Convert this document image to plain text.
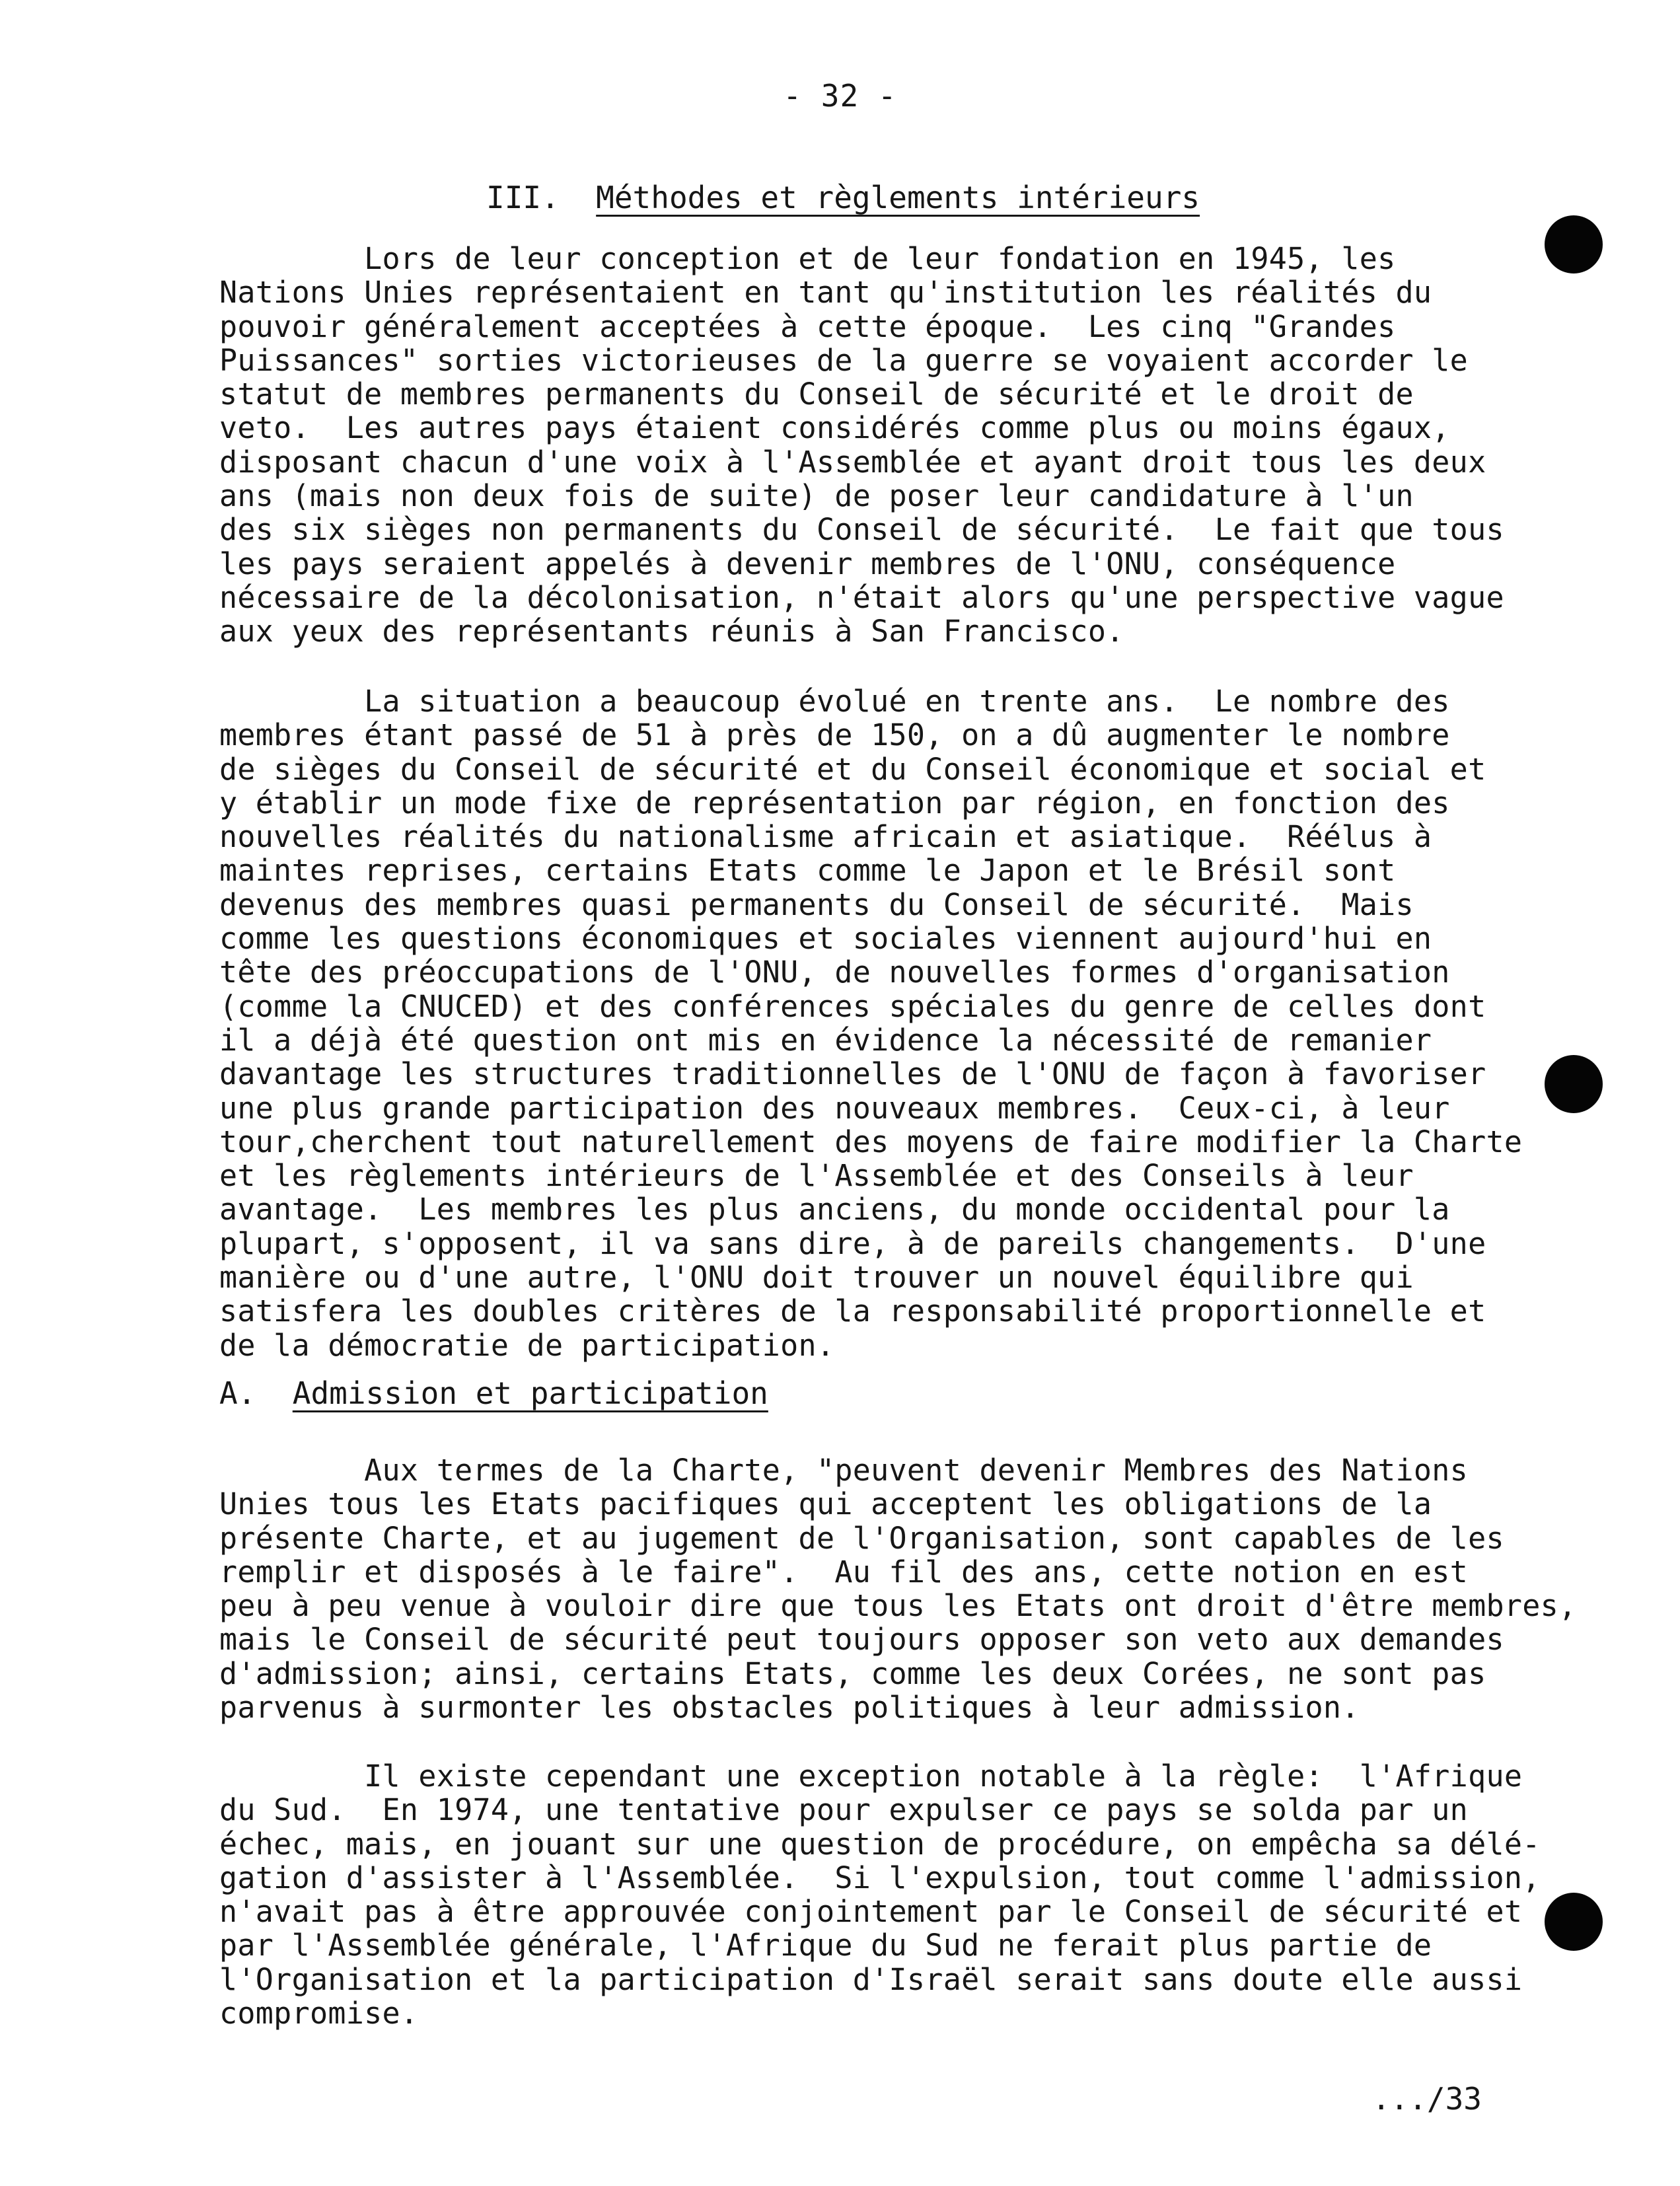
- 32 -
III. Méthodes et règlements intérieurs

Lors de leur conception et de leur fondation en 1945, les
Nations Unies représentaient en tant qu'institution les réalités du
pouvoir généralement acceptées à cette époque.  Les cinq "Grandes
Puissances" sorties victorieuses de la guerre se voyaient accorder le
statut de membres permanents du Conseil de sécurité et le droit de
veto.  Les autres pays étaient considérés comme plus ou moins égaux,
disposant chacun d'une voix à l'Assemblée et ayant droit tous les deux
ans (mais non deux fois de suite) de poser leur candidature à l'un
des six sièges non permanents du Conseil de sécurité.  Le fait que tous
les pays seraient appelés à devenir membres de l'ONU, conséquence
nécessaire de la décolonisation, n'était alors qu'une perspective vague
aux yeux des représentants réunis à San Francisco.

La situation a beaucoup évolué en trente ans.  Le nombre des
membres étant passé de 51 à près de 150, on a dû augmenter le nombre
de sièges du Conseil de sécurité et du Conseil économique et social et
y établir un mode fixe de représentation par région, en fonction des
nouvelles réalités du nationalisme africain et asiatique.  Réélus à
maintes reprises, certains Etats comme le Japon et le Brésil sont
devenus des membres quasi permanents du Conseil de sécurité.  Mais
comme les questions économiques et sociales viennent aujourd'hui en
tête des préoccupations de l'ONU, de nouvelles formes d'organisation
(comme la CNUCED) et des conférences spéciales du genre de celles dont
il a déjà été question ont mis en évidence la nécessité de remanier
davantage les structures traditionnelles de l'ONU de façon à favoriser
une plus grande participation des nouveaux membres.  Ceux-ci, à leur
tour,cherchent tout naturellement des moyens de faire modifier la Charte
et les règlements intérieurs de l'Assemblée et des Conseils à leur
avantage.  Les membres les plus anciens, du monde occidental pour la
plupart, s'opposent, il va sans dire, à de pareils changements.  D'une
manière ou d'une autre, l'ONU doit trouver un nouvel équilibre qui
satisfera les doubles critères de la responsabilité proportionnelle et
de la démocratie de participation.

A. Admission et participation

Aux termes de la Charte, "peuvent devenir Membres des Nations
Unies tous les Etats pacifiques qui acceptent les obligations de la
présente Charte, et au jugement de l'Organisation, sont capables de les
remplir et disposés à le faire".  Au fil des ans, cette notion en est
peu à peu venue à vouloir dire que tous les Etats ont droit d'être membres,
mais le Conseil de sécurité peut toujours opposer son veto aux demandes
d'admission; ainsi, certains Etats, comme les deux Corées, ne sont pas
parvenus à surmonter les obstacles politiques à leur admission.

Il existe cependant une exception notable à la règle:  l'Afrique
du Sud.  En 1974, une tentative pour expulser ce pays se solda par un
échec, mais, en jouant sur une question de procédure, on empêcha sa délé-
gation d'assister à l'Assemblée.  Si l'expulsion, tout comme l'admission,
n'avait pas à être approuvée conjointement par le Conseil de sécurité et
par l'Assemblée générale, l'Afrique du Sud ne ferait plus partie de
l'Organisation et la participation d'Israël serait sans doute elle aussi
compromise.

.../33
